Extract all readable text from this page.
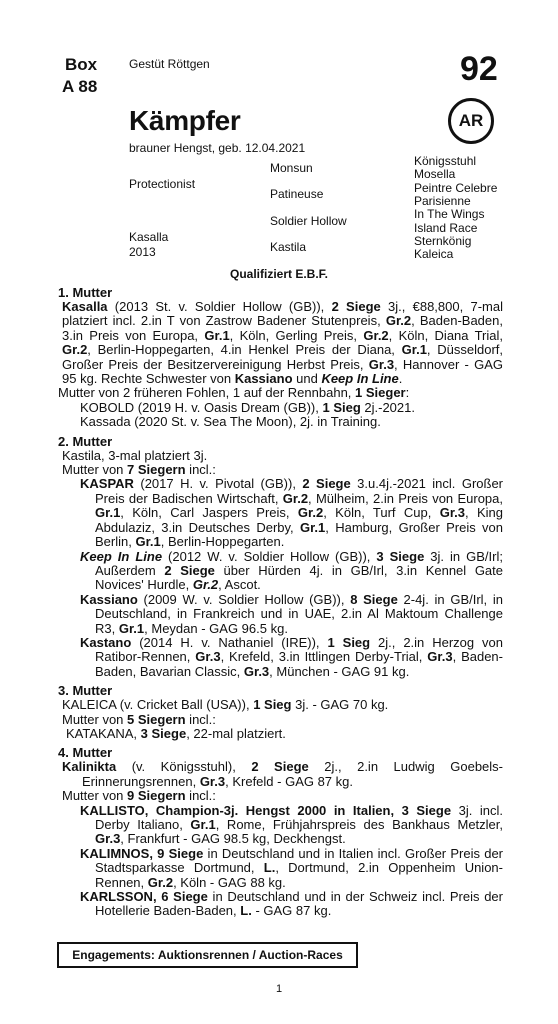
Box
A 88
Gestüt Röttgen	92
AR
Kämpfer
brauner Hengst, geb. 12.04.2021
Protectionist
Kasalla
2013
Monsun
Patineuse
Soldier Hollow
Kastila
Königsstuhl
Mosella
Peintre Celebre
Parisienne
In The Wings
Island Race
Sternkönig
Kaleica
Qualifiziert E.B.F.
1. Mutter

Kasalla (2013 St. v. Soldier Hollow (GB)), 2 Siege 3j., €88,800, 7-mal platziert incl. 2.in T von Zastrow Badener Stutenpreis, Gr.2, Baden-Baden, 3.in Preis von Europa, Gr.1, Köln, Gerling Preis, Gr.2, Köln, Diana Trial, Gr.2, Berlin-Hoppegarten, 4.in Henkel Preis der Diana, Gr.1, Düsseldorf, Großer Preis der Besitzervereinigung Herbst Preis, Gr.3, Hannover - GAG 95 kg. Rechte Schwester von Kassiano und Keep In Line.

Mutter von 2 früheren Fohlen, 1 auf der Rennbahn, 1 Sieger:

KOBOLD (2019 H. v. Oasis Dream (GB)), 1 Sieg 2j.-2021.

Kassada (2020 St. v. Sea The Moon), 2j. in Training.

2. Mutter

Kastila, 3-mal platziert 3j.

Mutter von 7 Siegern incl.:

KASPAR (2017 H. v. Pivotal (GB)), 2 Siege 3.u.4j.-2021 incl. Großer Preis der Badischen Wirtschaft, Gr.2, Mülheim, 2.in Preis von Europa, Gr.1, Köln, Carl Jaspers Preis, Gr.2, Köln, Turf Cup, Gr.3, King Abdulaziz, 3.in Deutsches Derby, Gr.1, Hamburg, Großer Preis von Berlin, Gr.1, Berlin-Hoppegarten.

Keep In Line (2012 W. v. Soldier Hollow (GB)), 3 Siege 3j. in GB/Irl; Außerdem 2 Siege über Hürden 4j. in GB/Irl, 3.in Kennel Gate Novices' Hurdle, Gr.2, Ascot.

Kassiano (2009 W. v. Soldier Hollow (GB)), 8 Siege 2-4j. in GB/Irl, in Deutschland, in Frankreich und in UAE, 2.in Al Maktoum Challenge R3, Gr.1, Meydan - GAG 96.5 kg.

Kastano (2014 H. v. Nathaniel (IRE)), 1 Sieg 2j., 2.in Herzog von Ratibor-Rennen, Gr.3, Krefeld, 3.in Ittlingen Derby-Trial, Gr.3, Baden-Baden, Bavarian Classic, Gr.3, München - GAG 91 kg.

3. Mutter

KALEICA (v. Cricket Ball (USA)), 1 Sieg 3j. - GAG 70 kg.

Mutter von 5 Siegern incl.:

KATAKANA, 3 Siege, 22-mal platziert.

4. Mutter

Kalinikta (v. Königsstuhl), 2 Siege 2j., 2.in Ludwig Goebels-Erinnerungsrennen, Gr.3, Krefeld - GAG 87 kg.

Mutter von 9 Siegern incl.:

KALLISTO, Champion-3j. Hengst 2000 in Italien, 3 Siege 3j. incl. Derby Italiano, Gr.1, Rome, Frühjahrspreis des Bankhaus Metzler, Gr.3, Frankfurt - GAG 98.5 kg, Deckhengst.

KALIMNOS, 9 Siege in Deutschland und in Italien incl. Großer Preis der Stadtsparkasse Dortmund, L., Dortmund, 2.in Oppenheim Union-Rennen, Gr.2, Köln - GAG 88 kg.

KARLSSON, 6 Siege in Deutschland und in der Schweiz incl. Preis der Hotellerie Baden-Baden, L. - GAG 87 kg.

Engagements: Auktionsrennen / Auction-Races
1
